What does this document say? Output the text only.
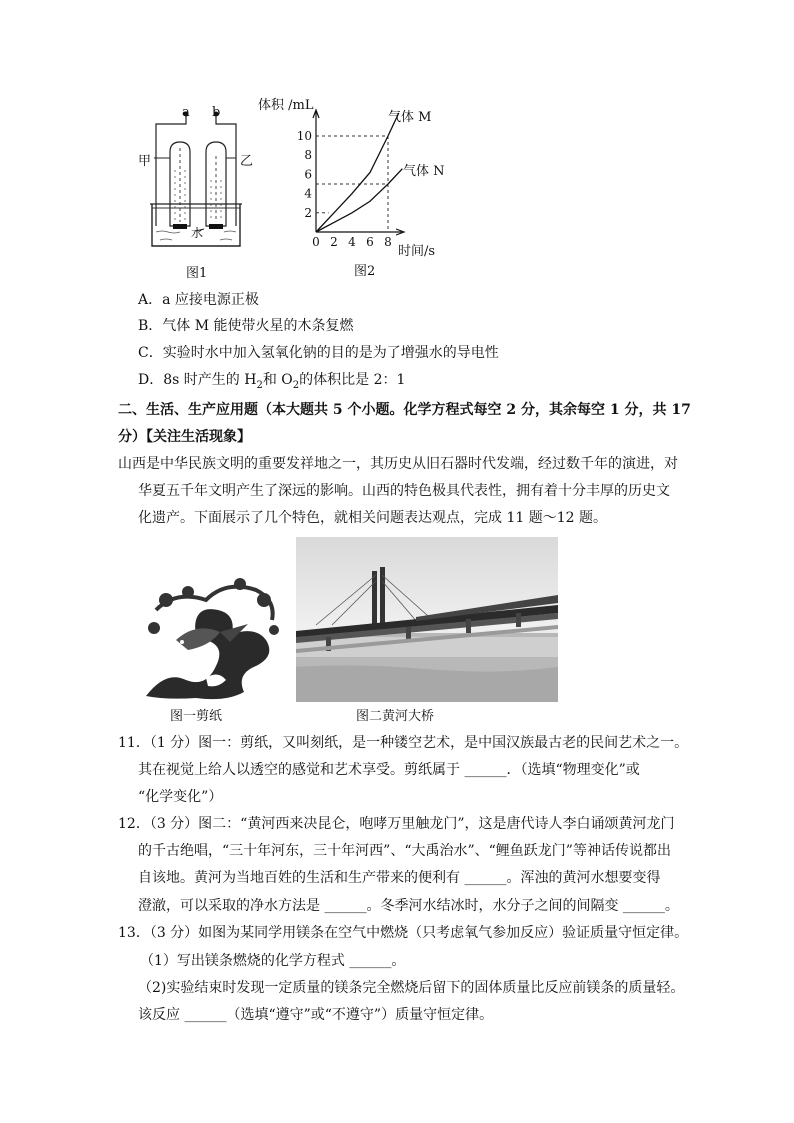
a b
甲	乙
水
图1
10
8
6
4
2
0 2 4 6 8
体积 /mL
气体 M
气体 N
时间/s
图2
A．a 应接电源正极
B．气体 M 能使带火星的木条复燃
C．实验时水中加入氢氧化钠的目的是为了增强水的导电性
D．8s 时产生的 $H_2$和 $O_2$的体积比是 2：1
二、生活、生产应用题（本大题共 5 个小题。化学方程式每空 2 分，其余每空 1 分，共 17
分）【关注生活现象】
山西是中华民族文明的重要发祥地之一，其历史从旧石器时代发端，经过数千年的演进，对
华夏五千年文明产生了深远的影响。山西的特色极具代表性，拥有着十分丰厚的历史文
化遗产。下面展示了几个特色，就相关问题表达观点，完成 11 题～12 题。
图一剪纸	图二黄河大桥
11．（1 分）图一：剪纸，又叫刻纸，是一种镂空艺术，是中国汉族最古老的民间艺术之一。
其在视觉上给人以透空的感觉和艺术享受。剪纸属于 ______．（选填“物理变化”或
“化学变化”）
12．（3 分）图二：“黄河西来决昆仑，咆哮万里触龙门”，这是唐代诗人李白诵颂黄河龙门
的千古绝唱，“三十年河东，三十年河西”、“大禹治水”、“鲤鱼跃龙门”等神话传说都出
自该地。黄河为当地百姓的生活和生产带来的便利有 ______。浑浊的黄河水想要变得
澄澈，可以采取的净水方法是 ______。冬季河水结冰时，水分子之间的间隔变 ______。
13．（3 分）如图为某同学用镁条在空气中燃烧（只考虑氧气参加反应）验证质量守恒定律。
（1）写出镁条燃烧的化学方程式 ______。
（2)实验结束时发现一定质量的镁条完全燃烧后留下的固体质量比反应前镁条的质量轻。
该反应 ______（选填“遵守”或“不遵守”）质量守恒定律。
